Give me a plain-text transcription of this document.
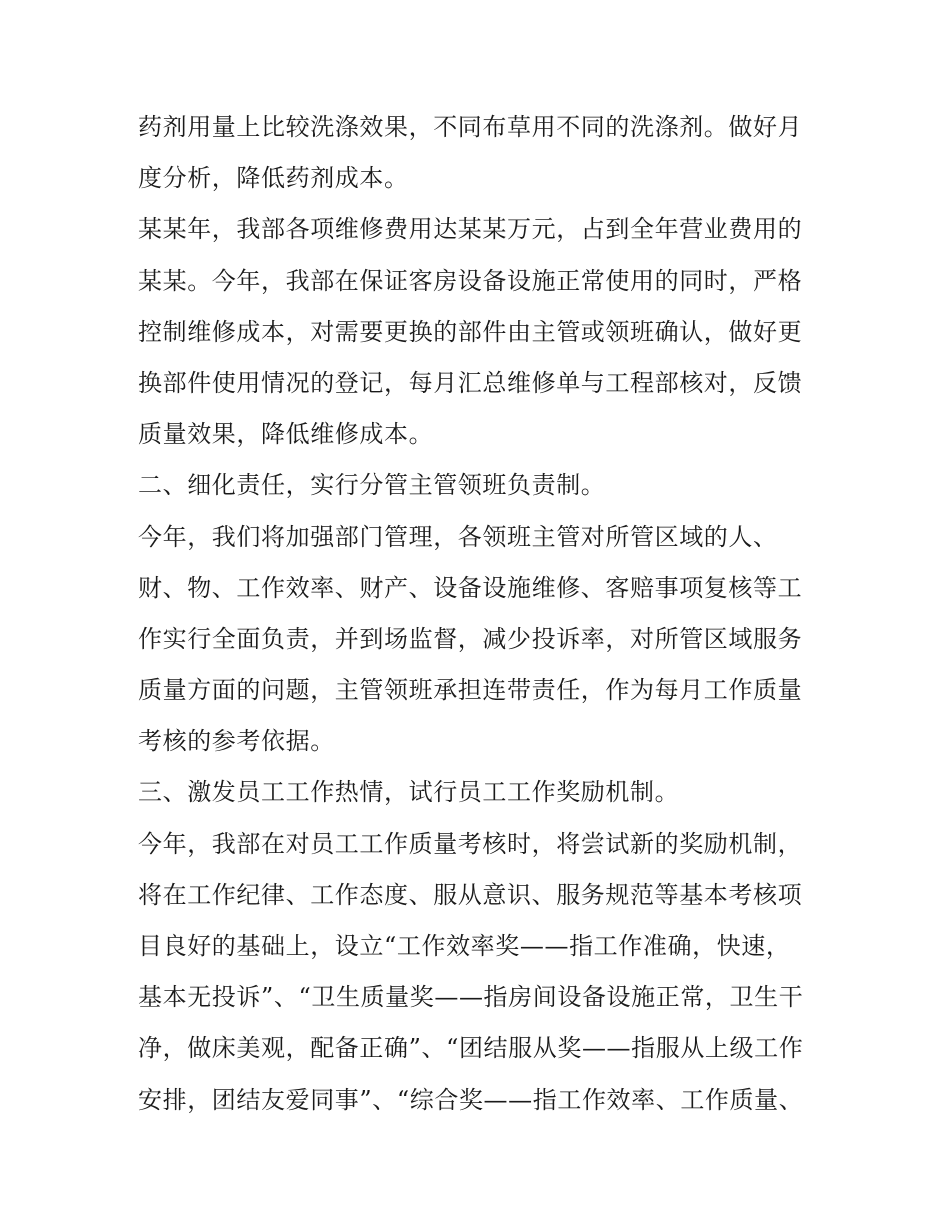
药剂用量上比较洗涤效果，不同布草用不同的洗涤剂。做好月
度分析，降低药剂成本。
某某年，我部各项维修费用达某某万元，占到全年营业费用的
某某。今年，我部在保证客房设备设施正常使用的同时，严格
控制维修成本，对需要更换的部件由主管或领班确认，做好更
换部件使用情况的登记，每月汇总维修单与工程部核对，反馈
质量效果，降低维修成本。
二、细化责任，实行分管主管领班负责制。
今年，我们将加强部门管理，各领班主管对所管区域的人、
财、物、工作效率、财产、设备设施维修、客赔事项复核等工
作实行全面负责，并到场监督，减少投诉率，对所管区域服务
质量方面的问题，主管领班承担连带责任，作为每月工作质量
考核的参考依据。
三、激发员工工作热情，试行员工工作奖励机制。
今年，我部在对员工工作质量考核时，将尝试新的奖励机制，
将在工作纪律、工作态度、服从意识、服务规范等基本考核项
目良好的基础上，设立“工作效率奖——指工作准确，快速，
基本无投诉”、“卫生质量奖——指房间设备设施正常，卫生干
净，做床美观，配备正确”、“团结服从奖——指服从上级工作
安排，团结友爱同事”、“综合奖——指工作效率、工作质量、
